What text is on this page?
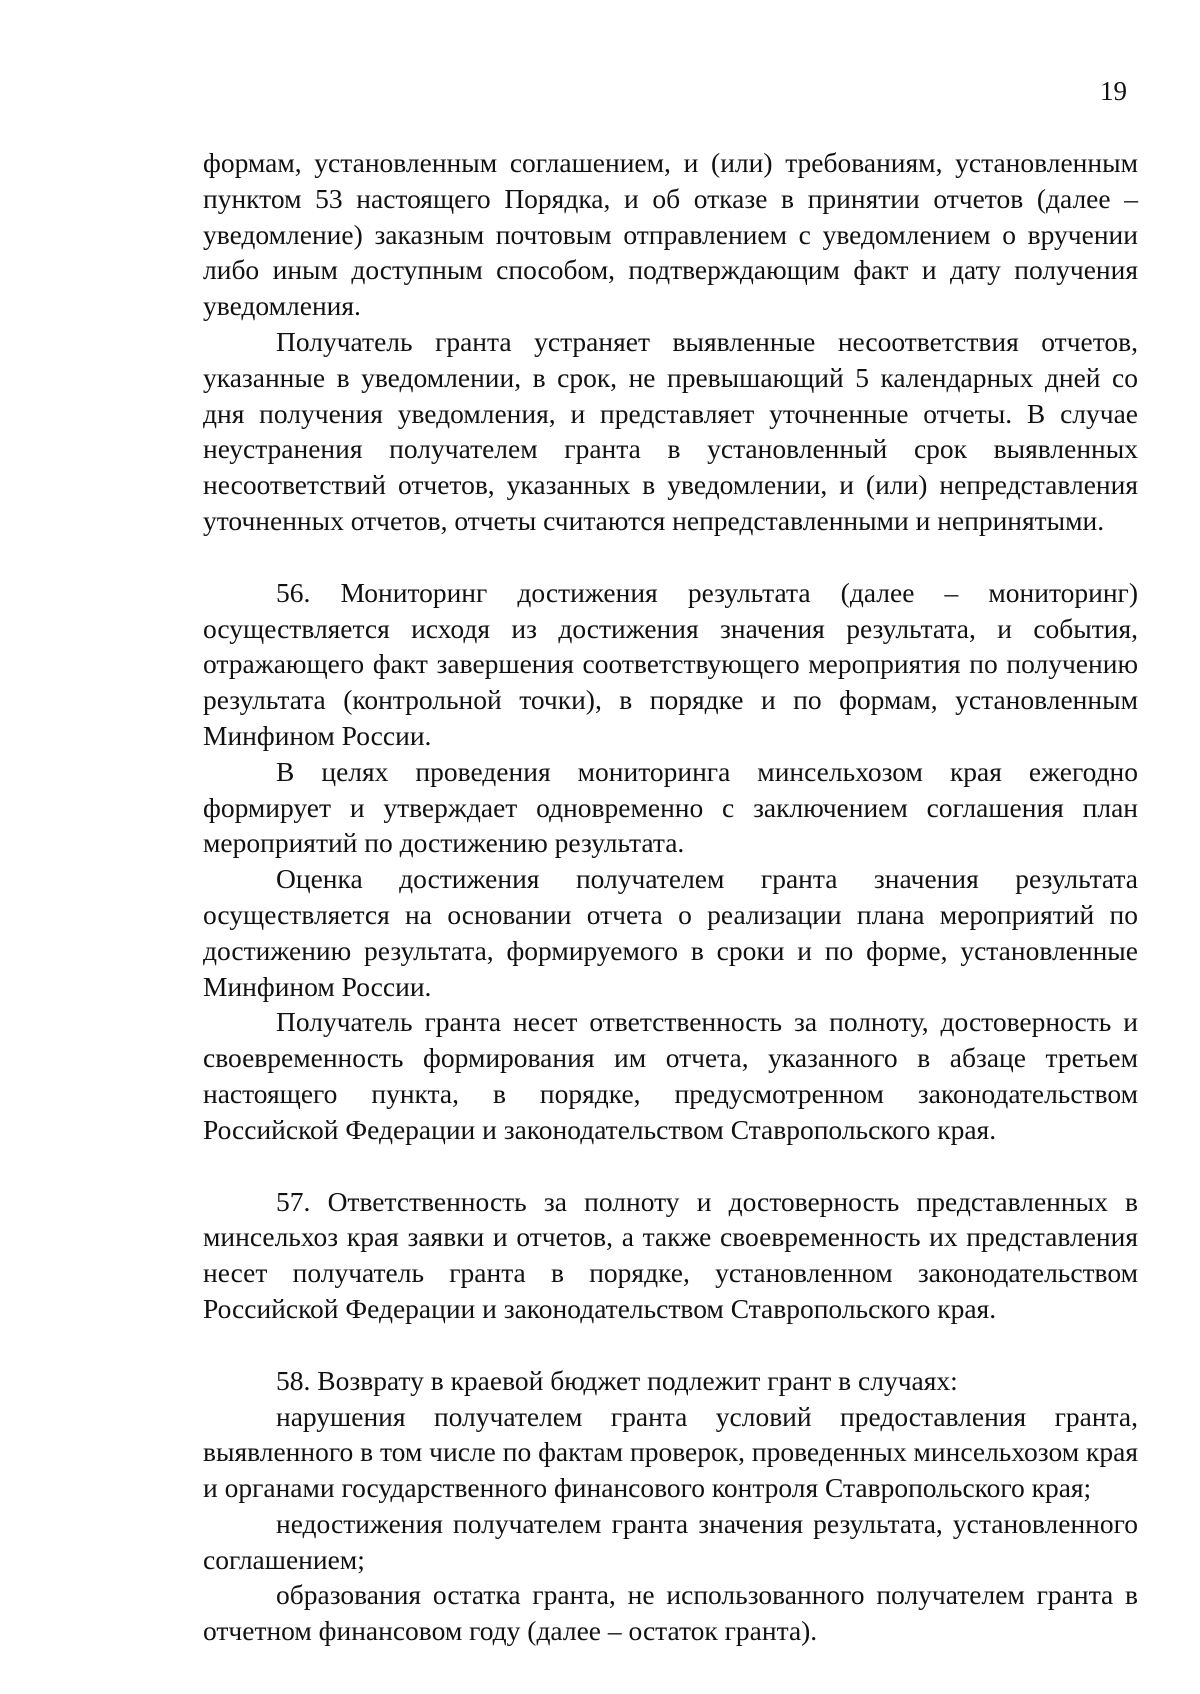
19

формам, установленным соглашением, и (или) требованиям, установленным пунктом 53 настоящего Порядка, и об отказе в принятии отчетов (далее – уведомление) заказным почтовым отправлением с уведомлением о вручении либо иным доступным способом, подтверждающим факт и дату получения уведомления.

Получатель гранта устраняет выявленные несоответствия отчетов, указанные в уведомлении, в срок, не превышающий 5 календарных дней со дня получения уведомления, и представляет уточненные отчеты. В случае неустранения получателем гранта в установленный срок выявленных несоответствий отчетов, указанных в уведомлении, и (или) непредставления уточненных отчетов, отчеты считаются непредставленными и непринятыми.

56. Мониторинг достижения результата (далее – мониторинг) осуществляется исходя из достижения значения результата, и события, отражающего факт завершения соответствующего мероприятия по получению результата (контрольной точки), в порядке и по формам, установленным Минфином России.

В целях проведения мониторинга минсельхозом края ежегодно формирует и утверждает одновременно с заключением соглашения план мероприятий по достижению результата.

Оценка достижения получателем гранта значения результата осуществляется на основании отчета о реализации плана мероприятий по достижению результата, формируемого в сроки и по форме, установленные Минфином России.

Получатель гранта несет ответственность за полноту, достоверность и своевременность формирования им отчета, указанного в абзаце третьем настоящего пункта, в порядке, предусмотренном законодательством Российской Федерации и законодательством Ставропольского края.

57. Ответственность за полноту и достоверность представленных в минсельхоз края заявки и отчетов, а также своевременность их представления несет получатель гранта в порядке, установленном законодательством Российской Федерации и законодательством Ставропольского края.

58. Возврату в краевой бюджет подлежит грант в случаях:

нарушения получателем гранта условий предоставления гранта, выявленного в том числе по фактам проверок, проведенных минсельхозом края и органами государственного финансового контроля Ставропольского края;

недостижения получателем гранта значения результата, установленного соглашением;

образования остатка гранта, не использованного получателем гранта в отчетном финансовом году (далее – остаток гранта).
